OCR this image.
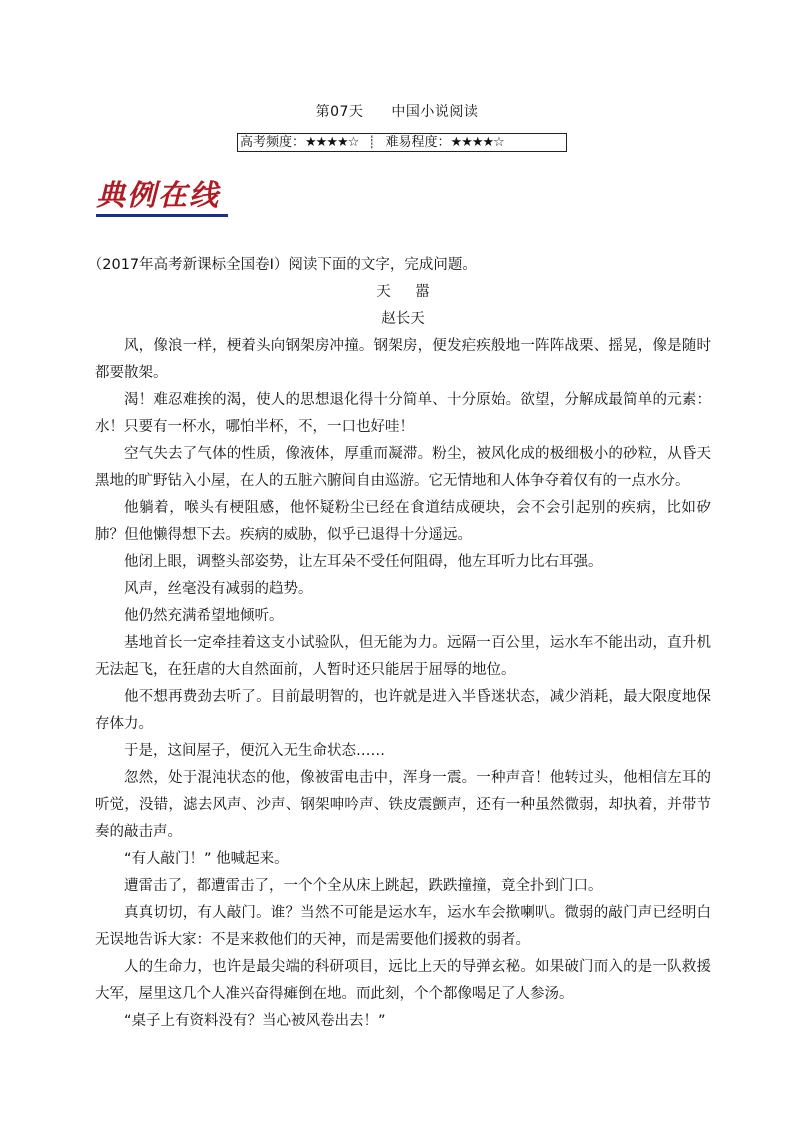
第07天 中国小说阅读
高考频度： ★★★★☆ ┊ 难易程度： ★★★★☆
典例在线

（2017年高考新课标全国卷Ⅰ）阅读下面的文字，完成问题。

天 嚣

赵长天

风，像浪一样，梗着头向钢架房冲撞。钢架房，便发疟疾般地一阵阵战栗、摇晃，像是随时都要散架。

渴！难忍难挨的渴，使人的思想退化得十分简单、十分原始。欲望，分解成最简单的元素：水！只要有一杯水，哪怕半杯，不，一口也好哇！

空气失去了气体的性质，像液体，厚重而凝滞。粉尘，被风化成的极细极小的砂粒，从昏天黑地的旷野钻入小屋，在人的五脏六腑间自由巡游。它无情地和人体争夺着仅有的一点水分。

他躺着，喉头有梗阻感，他怀疑粉尘已经在食道结成硬块，会不会引起别的疾病，比如矽肺？但他懒得想下去。疾病的威胁，似乎已退得十分遥远。

他闭上眼，调整头部姿势，让左耳朵不受任何阻碍，他左耳听力比右耳强。

风声，丝毫没有减弱的趋势。

他仍然充满希望地倾听。

基地首长一定牵挂着这支小试验队，但无能为力。远隔一百公里，运水车不能出动，直升机无法起飞，在狂虐的大自然面前，人暂时还只能居于屈辱的地位。

他不想再费劲去听了。目前最明智的，也许就是进入半昏迷状态，减少消耗，最大限度地保存体力。

于是，这间屋子，便沉入无生命状态……

忽然，处于混沌状态的他，像被雷电击中，浑身一震。一种声音！他转过头，他相信左耳的听觉，没错，滤去风声、沙声、钢架呻吟声、铁皮震颤声，还有一种虽然微弱，却执着，并带节奏的敲击声。

“有人敲门！” 他喊起来。

遭雷击了，都遭雷击了，一个个全从床上跳起，跌跌撞撞，竟全扑到门口。

真真切切，有人敲门。谁？当然不可能是运水车，运水车会揿喇叭。微弱的敲门声已经明白无误地告诉大家：不是来救他们的天神，而是需要他们援救的弱者。

人的生命力，也许是最尖端的科研项目，远比上天的导弹玄秘。如果破门而入的是一队救援大军，屋里这几个人准兴奋得瘫倒在地。而此刻，个个都像喝足了人参汤。

“桌子上有资料没有？当心被风卷出去！”
